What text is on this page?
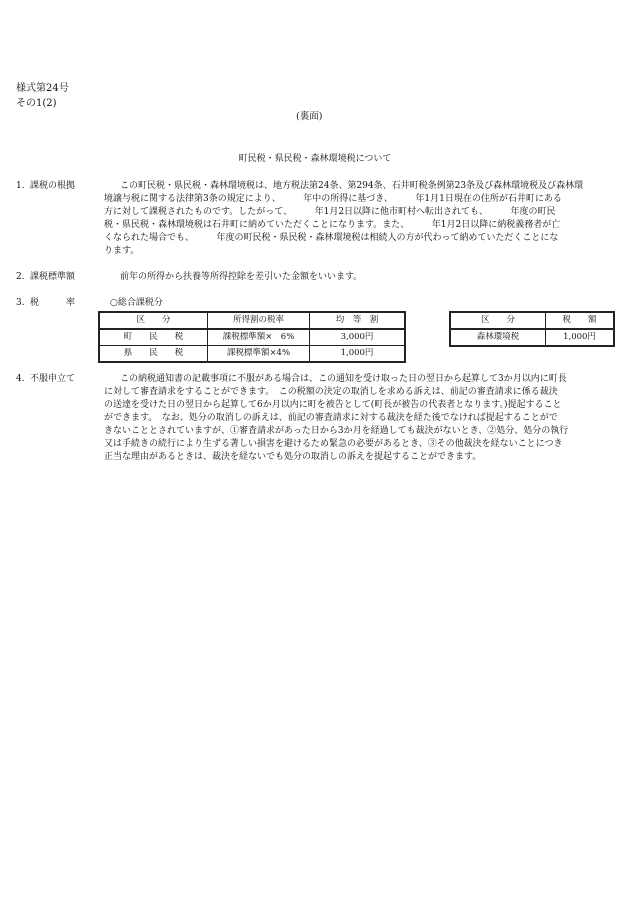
様式第24号
その1(2)
(裏面)
町民税・県民税・森林環境税について
1. 課税の根拠	この町民税・県民税・森林環境税は、地方税法第24条、第294条、石井町税条例第23条及び森林環境税及び森林環
境譲与税に関する法律第3条の規定により、　　　年中の所得に基づき、　　　年1月1日現在の住所が石井町にある
方に対して課税されたものです。したがって、　　　年1月2日以降に他市町村へ転出されても、　　　年度の町民
税・県民税・森林環境税は石井町に納めていただくことになります。また、　　　年1月2日以降に納税義務者が亡
くなられた場合でも、　　　年度の町民税・県民税・森林環境税は相続人の方が代わって納めていただくことにな
ります。
2. 課税標準額	前年の所得から扶養等所得控除を差引いた金額をいいます。
3. 税　　　率	○総合課税分
区　　分	所得割の税率	均　等　割
町　　民　　税	課税標準額×　6%	3,000円
県　　民　　税	課税標準額×4%	1,000円
区　　分	税　　額
森林環境税	1,000円
4. 不服申立て	この納税通知書の記載事項に不服がある場合は、この通知を受け取った日の翌日から起算して3か月以内に町長
に対して審査請求をすることができます。　この税額の決定の取消しを求める訴えは、前記の審査請求に係る裁決
の送達を受けた日の翌日から起算して6か月以内に町を被告として(町長が被告の代表者となります。)提起すること
ができます。　なお、処分の取消しの訴えは、前記の審査請求に対する裁決を経た後でなければ提起することがで
きないこととされていますが、①審査請求があった日から3か月を経過しても裁決がないとき、②処分、処分の執行
又は手続きの続行により生ずる著しい損害を避けるため緊急の必要があるとき、③その他裁決を経ないことにつき
正当な理由があるときは、裁決を経ないでも処分の取消しの訴えを提起することができます。
